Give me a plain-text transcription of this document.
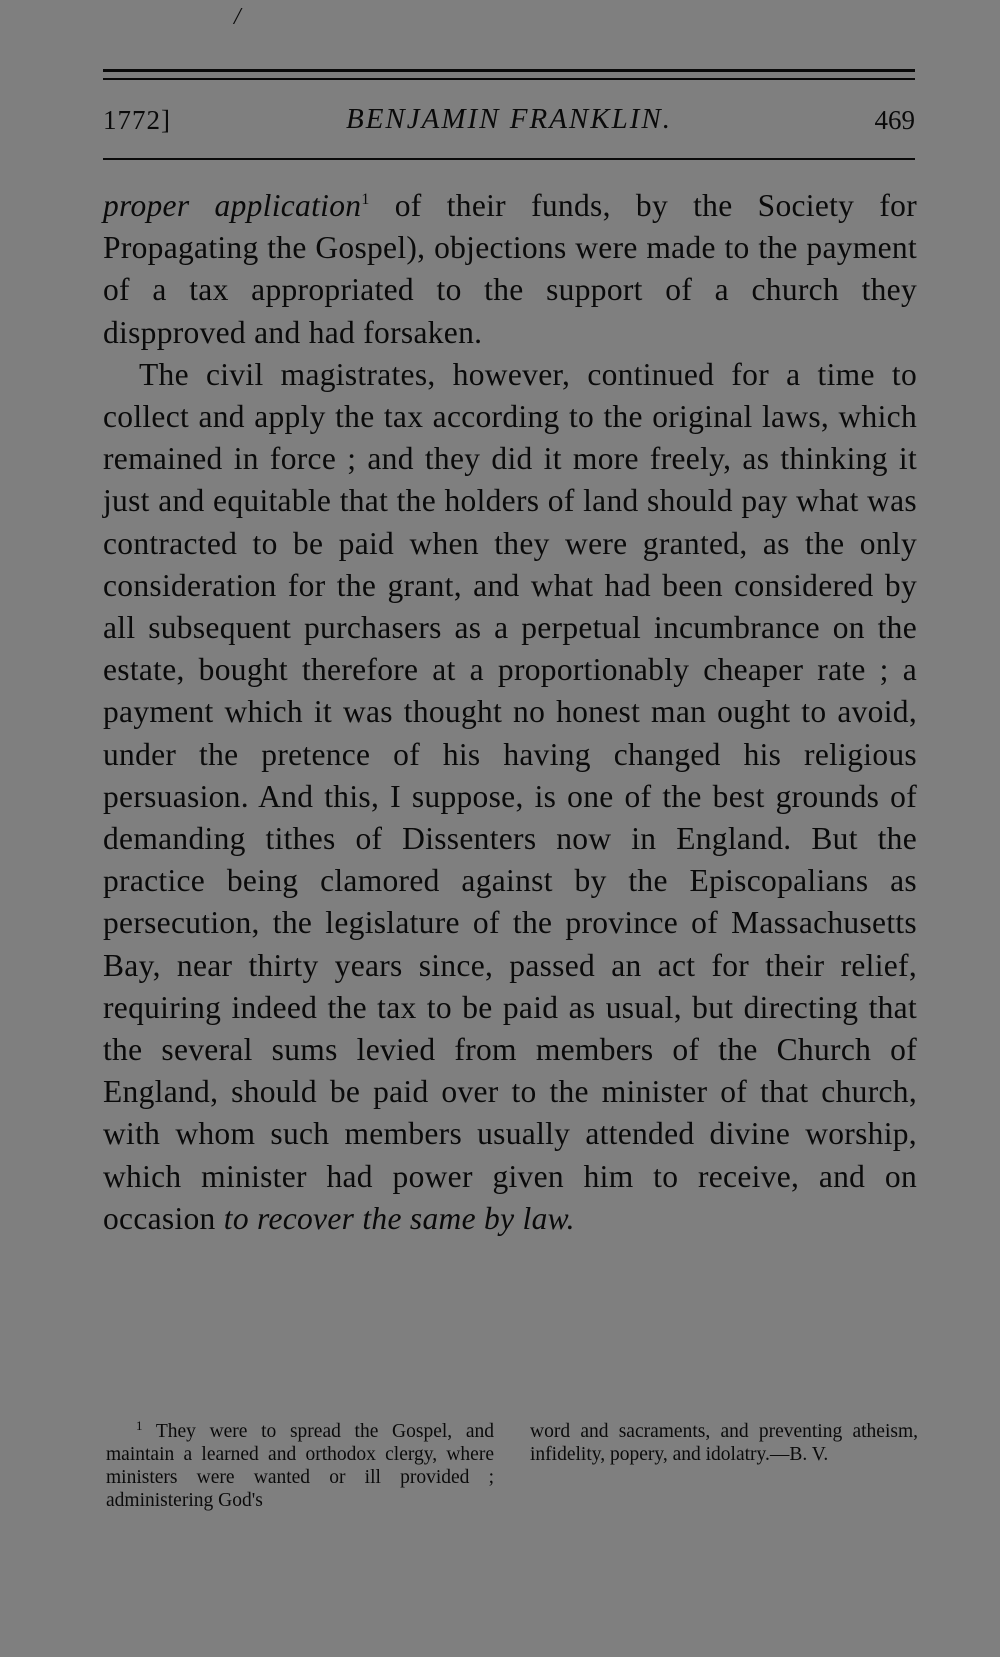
/
1772]	BENJAMIN FRANKLIN.	469

proper application$^1$ of their funds, by the Society for Propagating the Gospel), objections were made to the payment of a tax appropriated to the support of a church they dispproved and had forsaken.

The civil magistrates, however, continued for a time to collect and apply the tax according to the original laws, which remained in force ; and they did it more freely, as thinking it just and equitable that the holders of land should pay what was contracted to be paid when they were granted, as the only consideration for the grant, and what had been considered by all subsequent purchasers as a perpetual incumbrance on the estate, bought therefore at a proportionably cheaper rate ; a payment which it was thought no honest man ought to avoid, under the pretence of his having changed his religious persuasion. And this, I suppose, is one of the best grounds of demanding tithes of Dissenters now in England. But the practice being clamored against by the Episcopalians as persecution, the legislature of the province of Massachusetts Bay, near thirty years since, passed an act for their relief, requiring indeed the tax to be paid as usual, but directing that the several sums levied from members of the Church of England, should be paid over to the minister of that church, with whom such members usually attended divine worship, which minister had power given him to receive, and on occasion to recover the same by law.

$^1$ They were to spread the Gospel, and maintain a learned and orthodox clergy, where ministers were wanted or ill provided ; administering God's

word and sacraments, and preventing atheism, infidelity, popery, and idolatry.—B. V.
